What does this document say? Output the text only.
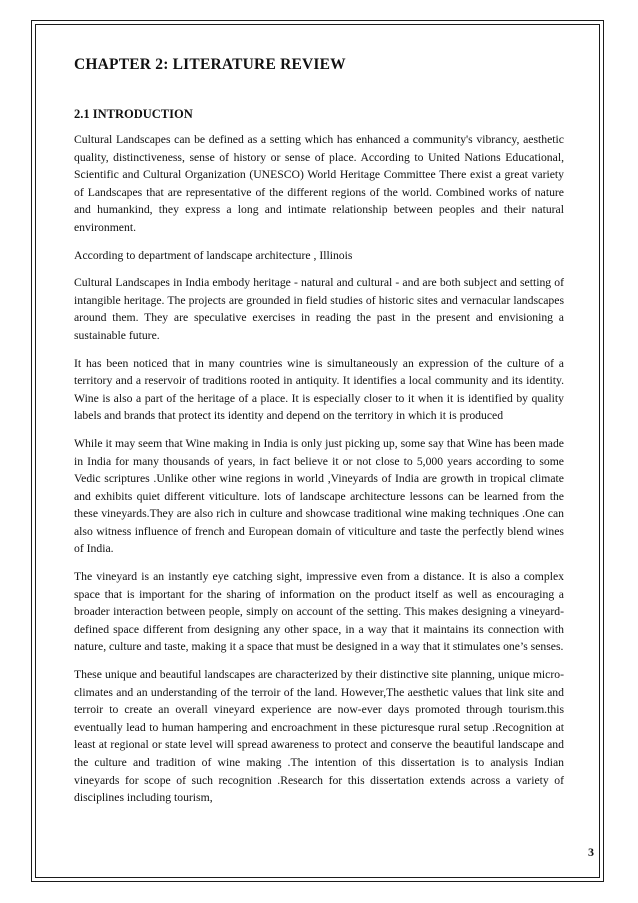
CHAPTER 2: LITERATURE REVIEW
2.1 INTRODUCTION

Cultural Landscapes can be defined as a setting which has enhanced a community's vibrancy, aesthetic quality, distinctiveness, sense of history or sense of place. According to United Nations Educational, Scientific and Cultural Organization (UNESCO) World Heritage Committee There exist a great variety of Landscapes that are representative of the different regions of the world. Combined works of nature and humankind, they express a long and intimate relationship between peoples and their natural environment.

According to department of landscape architecture , Illinois

Cultural Landscapes in India embody heritage - natural and cultural - and are both subject and setting of intangible heritage. The projects are grounded in field studies of historic sites and vernacular landscapes around them. They are speculative exercises in reading the past in the present and envisioning a sustainable future.

It has been noticed that in many countries wine is simultaneously an expression of the culture of a territory and a reservoir of traditions rooted in antiquity. It identifies a local community and its identity. Wine is also a part of the heritage of a place. It is especially closer to it when it is identified by quality labels and brands that protect its identity and depend on the territory in which it is produced

While it may seem that Wine making in India is only just picking up, some say that Wine has been made in India for many thousands of years, in fact believe it or not close to 5,000 years according to some Vedic scriptures .Unlike other wine regions in world ,Vineyards of India are growth in tropical climate and exhibits quiet different viticulture. lots of landscape architecture lessons can be learned from the these vineyards.They are also rich in culture and showcase traditional wine making techniques .One can also witness influence of french and European domain of viticulture and taste the perfectly blend wines of India.

The vineyard is an instantly eye catching sight, impressive even from a distance. It is also a complex space that is important for the sharing of information on the product itself as well as encouraging a broader interaction between people, simply on account of the setting. This makes designing a vineyard-defined space different from designing any other space, in a way that it maintains its connection with nature, culture and taste, making it a space that must be designed in a way that it stimulates one’s senses.

These unique and beautiful landscapes are characterized by their distinctive site planning, unique micro-climates and an understanding of the terroir of the land. However,The aesthetic values that link site and terroir to create an overall vineyard experience are now-ever days promoted through tourism.this eventually lead to human hampering and encroachment in these picturesque rural setup .Recognition at least at regional or state level will spread awareness to protect and conserve the beautiful landscape and the culture and tradition of wine making .The intention of this dissertation is to analysis Indian vineyards for scope of such recognition .Research for this dissertation extends across a variety of disciplines including tourism,

3
